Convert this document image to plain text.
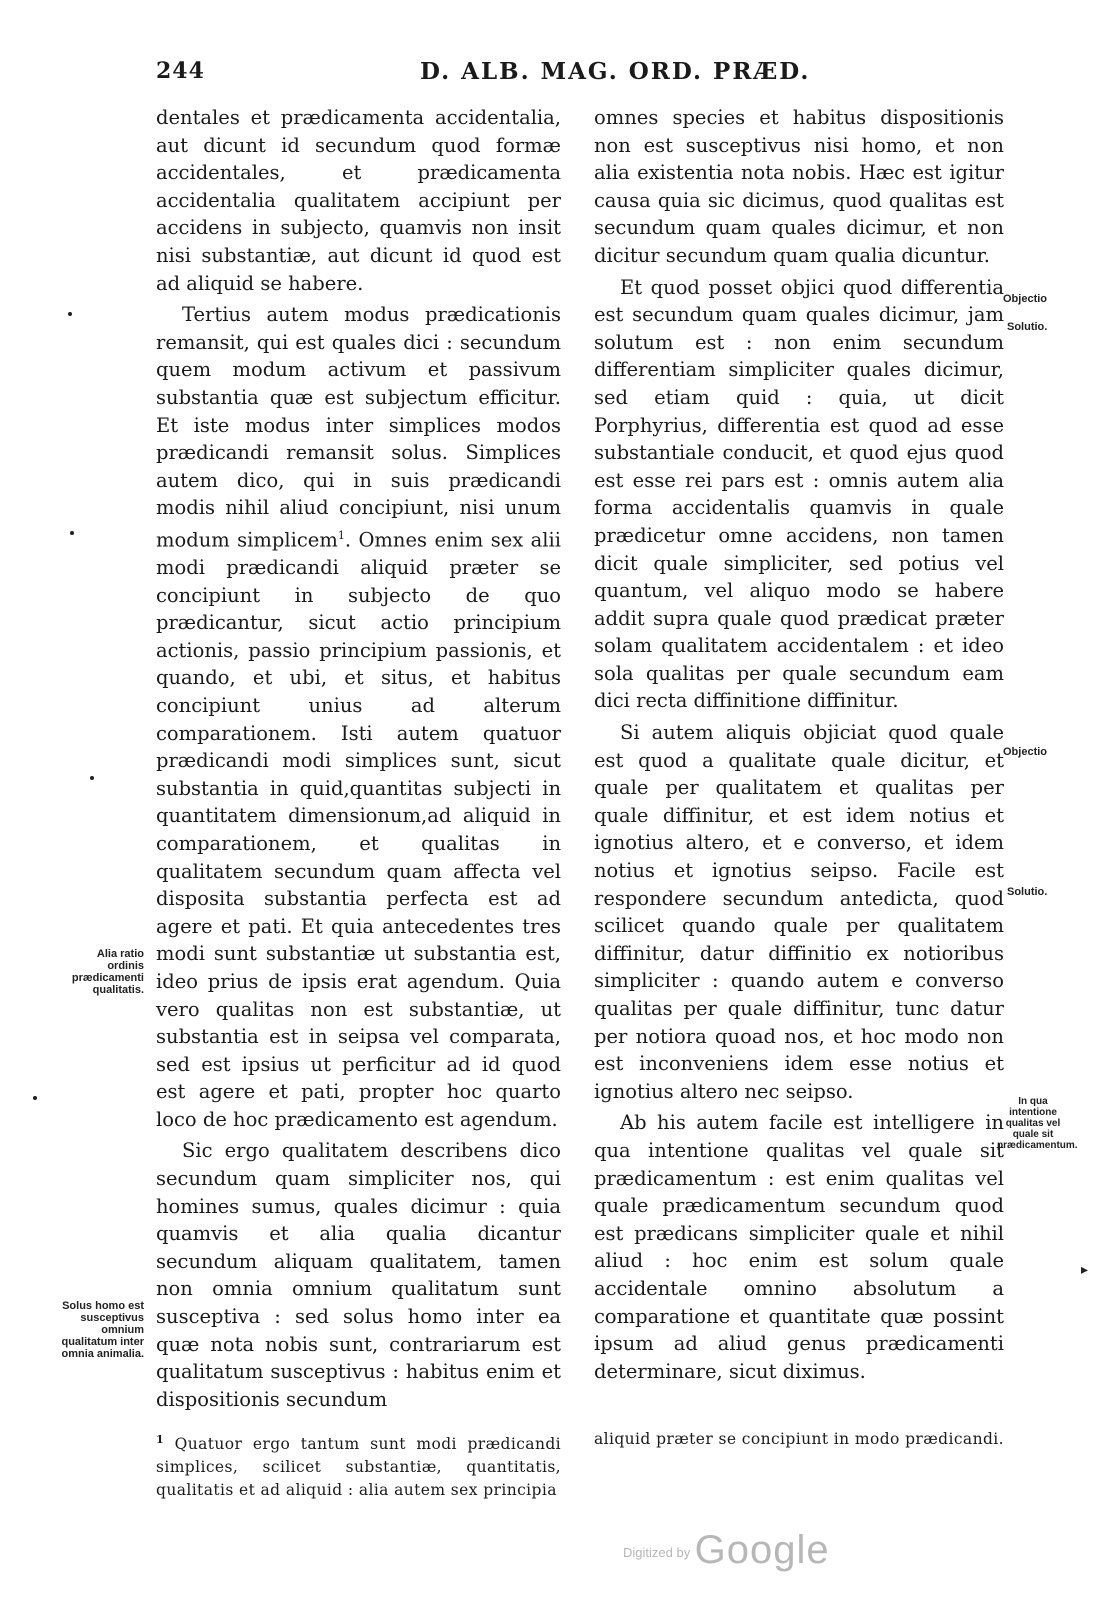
244	D. ALB. MAG. ORD. PRÆD.

dentales et prædicamenta accidentalia, aut dicunt id secundum quod formæ accidentales, et prædicamenta accidentalia qualitatem accipiunt per accidens in subjecto, quamvis non insit nisi substantiæ, aut dicunt id quod est ad aliquid se habere.

Tertius autem modus prædicationis remansit, qui est quales dici : secundum quem modum activum et passivum substantia quæ est subjectum efficitur. Et iste modus inter simplices modos prædicandi remansit solus. Simplices autem dico, qui in suis prædicandi modis nihil aliud concipiunt, nisi unum modum simplicem$^1$. Omnes enim sex alii modi prædicandi aliquid præter se concipiunt in subjecto de quo prædicantur, sicut actio principium actionis, passio principium passionis, et quando, et ubi, et situs, et habitus concipiunt unius ad alterum comparationem. Isti autem quatuor prædicandi modi simplices sunt, sicut substantia in quid,quantitas subjecti in quantitatem dimensionum,ad aliquid in comparationem, et qualitas in qualitatem secundum quam affecta vel disposita substantia perfecta est ad agere et pati. Et quia antecedentes tres modi sunt substantiæ ut substantia est, ideo prius de ipsis erat agendum. Quia vero qualitas non est substantiæ, ut substantia est in seipsa vel comparata, sed est ipsius ut perficitur ad id quod est agere et pati, propter hoc quarto loco de hoc prædicamento est agendum.

Sic ergo qualitatem describens dico secundum quam simpliciter nos, qui homines sumus, quales dicimur : quia quamvis et alia qualia dicantur secundum aliquam qualitatem, tamen non omnia omnium qualitatum sunt susceptiva : sed solus homo inter ea quæ nota nobis sunt, contrariarum est qualitatum susceptivus : habitus enim et dispositionis secundum

omnes species et habitus dispositionis non est susceptivus nisi homo, et non alia existentia nota nobis. Hæc est igitur causa quia sic dicimus, quod qualitas est secundum quam quales dicimur, et non dicitur secundum quam qualia dicuntur.

Et quod posset objici quod differentia est secundum quam quales dicimur, jam solutum est : non enim secundum differentiam simpliciter quales dicimur, sed etiam quid : quia, ut dicit Porphyrius, differentia est quod ad esse substantiale conducit, et quod ejus quod est esse rei pars est : omnis autem alia forma accidentalis quamvis in quale prædicetur omne accidens, non tamen dicit quale simpliciter, sed potius vel quantum, vel aliquo modo se habere addit supra quale quod prædicat præter solam qualitatem accidentalem : et ideo sola qualitas per quale secundum eam dici recta diffinitione diffinitur.

Si autem aliquis objiciat quod quale est quod a qualitate quale dicitur, et quale per qualitatem et qualitas per quale diffinitur, et est idem notius et ignotius altero, et e converso, et idem notius et ignotius seipso. Facile est respondere secundum antedicta, quod scilicet quando quale per qualitatem diffinitur, datur diffinitio ex notioribus simpliciter : quando autem e converso qualitas per quale diffinitur, tunc datur per notiora quoad nos, et hoc modo non est inconveniens idem esse notius et ignotius altero nec seipso.

Ab his autem facile est intelligere in qua intentione qualitas vel quale sit prædicamentum : est enim qualitas vel quale prædicamentum secundum quod est prædicans simpliciter quale et nihil aliud : hoc enim est solum quale accidentale omnino absolutum a comparatione et quantitate quæ possint ipsum ad aliud genus prædicamenti determinare, sicut diximus.

Alia ratio ordinis prædicamenti qualitatis.
Solus homo est susceptivus omnium qualitatum inter omnia animalia.
Objectio
Solutio.
Objectio
Solutio.
In qua intentione qualitas vel quale sit prædicamentum.
$^1$ Quatuor ergo tantum sunt modi prædicandi simplices, scilicet substantiæ, quantitatis, qualitatis et ad aliquid : alia autem sex principia
aliquid præter se concipiunt in modo prædicandi.
▸
$^{Digitized by}$ Google
